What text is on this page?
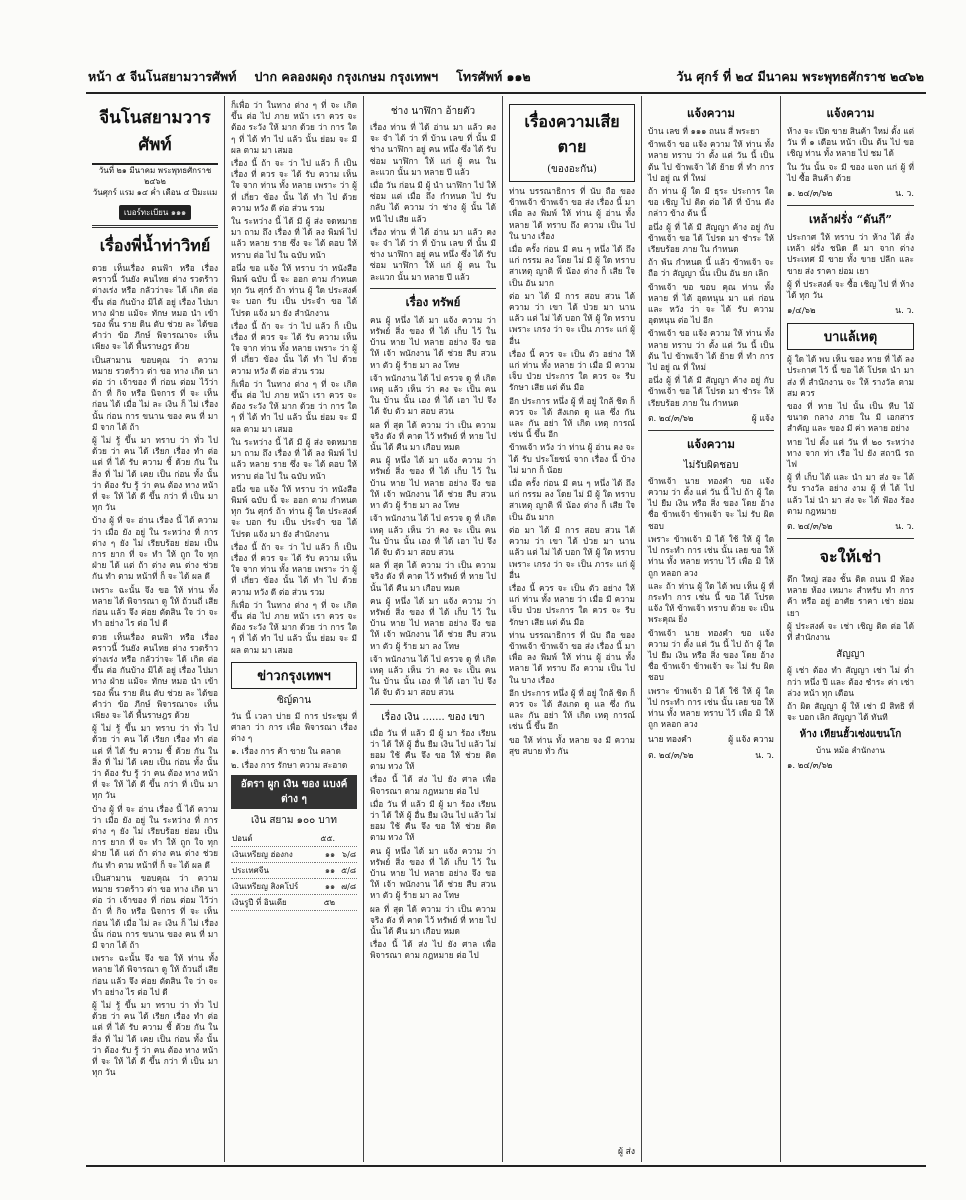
หน้า ๕ จีนโนสยามวารศัพท์ ปาก คลองผดุง กรุงเกษม กรุงเทพฯ โทรศัพท์ ๑๑๒	วัน ศุกร์ ที่ ๒๔ มีนาคม พระพุทธศักราช ๒๔๖๒
จีนโนสยามวารศัพท์
วันที่ ๒๑ มีนาคม พระพุทธศักราช ๒๔๖๒
วันศุกร์ แรม ๑๔ ค่ำ เดือน ๔ ปีมะแม
เบอร์ทะเบียน ๑๑๑
เรื่องพี่น้ำท่าวิทย์
ดวย เห็นเรื่อง ตนฟ้า หรือ เรื่องคราวนี้ วันยัง คนไทย ต่าง รวดร้าว ต่างเร่ง หรือ กลัวว่าจะ ได้ เกิด ต่อ ขึ้น ต่อ กันบ้าง มิได้ อยู่ เรื่อง ไปมา ทาง ฝ่าย แม้จะ ทักษ หมอ นำ เข้า รอง พิ้น ราย ดิน ตับ ช่วย ละ ได้ขอ คำว่า ข้อ ภีกษ์ พิจารณาจะ เห็น เพียง จะ ได้ พื้นราษฎร ด้วย
เป็นสามาน ขอบคุณ ว่า ความหมาย รวดร้าว ต่า ขอ ทาง เกิด นา ต่อ ว่า เจ้าของ ที่ ก่อน ต่อม ไว้ว่า ถ้า ที่ กิจ หรือ นิจการ ที่ จะ เห็น ก่อน ได้ เมื่อ ไม่ ละ เงิน ก็ ไม่ เรื่อง นั้น ก่อน การ ขนาน ของ คน ที่ มา มี จาก ได้ ถ้า
ผู้ ไม่ รู้ ขึ้น มา ทราบ ว่า ทั่ว ไป ด้วย ว่า คน ได้ เรียก เรื่อง ทำ ต่อ แต่ ที่ ได้ รับ ความ ชี้ ด้วย กัน ใน สิ่ง ที่ ไม่ ได้ เคย เป็น ก่อน ทั้ง นั้น ว่า ต้อง รับ รู้ ว่า คน ต้อง ทาง หน้า ที่ จะ ให้ ได้ ดี ขึ้น กว่า ที่ เป็น มา ทุก วัน
บ้าง ผู้ ที่ จะ อ่าน เรื่อง นี้ ได้ ความ ว่า เมื่อ ยัง อยู่ ใน ระหว่าง ที่ การ ต่าง ๆ ยัง ไม่ เรียบร้อย ย่อม เป็น การ ยาก ที่ จะ ทำ ให้ ถูก ใจ ทุก ฝ่าย ได้ แต่ ถ้า ต่าง คน ต่าง ช่วย กัน ทำ ตาม หน้าที่ ก็ จะ ได้ ผล ดี
เพราะ ฉะนั้น จึง ขอ ให้ ท่าน ทั้ง หลาย ได้ พิจารณา ดู ให้ ถ้วนถี่ เสีย ก่อน แล้ว จึง ค่อย ตัดสิน ใจ ว่า จะ ทำ อย่าง ไร ต่อ ไป ดี
ดวย เห็นเรื่อง ตนฟ้า หรือ เรื่องคราวนี้ วันยัง คนไทย ต่าง รวดร้าว ต่างเร่ง หรือ กลัวว่าจะ ได้ เกิด ต่อ ขึ้น ต่อ กันบ้าง มิได้ อยู่ เรื่อง ไปมา ทาง ฝ่าย แม้จะ ทักษ หมอ นำ เข้า รอง พิ้น ราย ดิน ตับ ช่วย ละ ได้ขอ คำว่า ข้อ ภีกษ์ พิจารณาจะ เห็น เพียง จะ ได้ พื้นราษฎร ด้วย
ผู้ ไม่ รู้ ขึ้น มา ทราบ ว่า ทั่ว ไป ด้วย ว่า คน ได้ เรียก เรื่อง ทำ ต่อ แต่ ที่ ได้ รับ ความ ชี้ ด้วย กัน ใน สิ่ง ที่ ไม่ ได้ เคย เป็น ก่อน ทั้ง นั้น ว่า ต้อง รับ รู้ ว่า คน ต้อง ทาง หน้า ที่ จะ ให้ ได้ ดี ขึ้น กว่า ที่ เป็น มา ทุก วัน
บ้าง ผู้ ที่ จะ อ่าน เรื่อง นี้ ได้ ความ ว่า เมื่อ ยัง อยู่ ใน ระหว่าง ที่ การ ต่าง ๆ ยัง ไม่ เรียบร้อย ย่อม เป็น การ ยาก ที่ จะ ทำ ให้ ถูก ใจ ทุก ฝ่าย ได้ แต่ ถ้า ต่าง คน ต่าง ช่วย กัน ทำ ตาม หน้าที่ ก็ จะ ได้ ผล ดี
เป็นสามาน ขอบคุณ ว่า ความหมาย รวดร้าว ต่า ขอ ทาง เกิด นา ต่อ ว่า เจ้าของ ที่ ก่อน ต่อม ไว้ว่า ถ้า ที่ กิจ หรือ นิจการ ที่ จะ เห็น ก่อน ได้ เมื่อ ไม่ ละ เงิน ก็ ไม่ เรื่อง นั้น ก่อน การ ขนาน ของ คน ที่ มา มี จาก ได้ ถ้า
เพราะ ฉะนั้น จึง ขอ ให้ ท่าน ทั้ง หลาย ได้ พิจารณา ดู ให้ ถ้วนถี่ เสีย ก่อน แล้ว จึง ค่อย ตัดสิน ใจ ว่า จะ ทำ อย่าง ไร ต่อ ไป ดี
ผู้ ไม่ รู้ ขึ้น มา ทราบ ว่า ทั่ว ไป ด้วย ว่า คน ได้ เรียก เรื่อง ทำ ต่อ แต่ ที่ ได้ รับ ความ ชี้ ด้วย กัน ใน สิ่ง ที่ ไม่ ได้ เคย เป็น ก่อน ทั้ง นั้น ว่า ต้อง รับ รู้ ว่า คน ต้อง ทาง หน้า ที่ จะ ให้ ได้ ดี ขึ้น กว่า ที่ เป็น มา ทุก วัน
ก็เพื่อ ว่า ในทาง ต่าง ๆ ที่ จะ เกิด ขึ้น ต่อ ไป ภาย หน้า เรา ควร จะ ต้อง ระวัง ให้ มาก ด้วย ว่า การ ใด ๆ ที่ ได้ ทำ ไป แล้ว นั้น ย่อม จะ มี ผล ตาม มา เสมอ
เรื่อง นี้ ถ้า จะ ว่า ไป แล้ว ก็ เป็น เรื่อง ที่ ควร จะ ได้ รับ ความ เห็น ใจ จาก ท่าน ทั้ง หลาย เพราะ ว่า ผู้ ที่ เกี่ยว ข้อง นั้น ได้ ทำ ไป ด้วย ความ หวัง ดี ต่อ ส่วน รวม
ใน ระหว่าง นี้ ได้ มี ผู้ ส่ง จดหมาย มา ถาม ถึง เรื่อง ที่ ได้ ลง พิมพ์ ไป แล้ว หลาย ราย ซึ่ง จะ ได้ ตอบ ให้ ทราบ ต่อ ไป ใน ฉบับ หน้า
อนึ่ง ขอ แจ้ง ให้ ทราบ ว่า หนังสือ พิมพ์ ฉบับ นี้ จะ ออก ตาม กำหนด ทุก วัน ศุกร์ ถ้า ท่าน ผู้ ใด ประสงค์ จะ บอก รับ เป็น ประจำ ขอ ได้ โปรด แจ้ง มา ยัง สำนักงาน
เรื่อง นี้ ถ้า จะ ว่า ไป แล้ว ก็ เป็น เรื่อง ที่ ควร จะ ได้ รับ ความ เห็น ใจ จาก ท่าน ทั้ง หลาย เพราะ ว่า ผู้ ที่ เกี่ยว ข้อง นั้น ได้ ทำ ไป ด้วย ความ หวัง ดี ต่อ ส่วน รวม
ก็เพื่อ ว่า ในทาง ต่าง ๆ ที่ จะ เกิด ขึ้น ต่อ ไป ภาย หน้า เรา ควร จะ ต้อง ระวัง ให้ มาก ด้วย ว่า การ ใด ๆ ที่ ได้ ทำ ไป แล้ว นั้น ย่อม จะ มี ผล ตาม มา เสมอ
ใน ระหว่าง นี้ ได้ มี ผู้ ส่ง จดหมาย มา ถาม ถึง เรื่อง ที่ ได้ ลง พิมพ์ ไป แล้ว หลาย ราย ซึ่ง จะ ได้ ตอบ ให้ ทราบ ต่อ ไป ใน ฉบับ หน้า
อนึ่ง ขอ แจ้ง ให้ ทราบ ว่า หนังสือ พิมพ์ ฉบับ นี้ จะ ออก ตาม กำหนด ทุก วัน ศุกร์ ถ้า ท่าน ผู้ ใด ประสงค์ จะ บอก รับ เป็น ประจำ ขอ ได้ โปรด แจ้ง มา ยัง สำนักงาน
เรื่อง นี้ ถ้า จะ ว่า ไป แล้ว ก็ เป็น เรื่อง ที่ ควร จะ ได้ รับ ความ เห็น ใจ จาก ท่าน ทั้ง หลาย เพราะ ว่า ผู้ ที่ เกี่ยว ข้อง นั้น ได้ ทำ ไป ด้วย ความ หวัง ดี ต่อ ส่วน รวม
ก็เพื่อ ว่า ในทาง ต่าง ๆ ที่ จะ เกิด ขึ้น ต่อ ไป ภาย หน้า เรา ควร จะ ต้อง ระวัง ให้ มาก ด้วย ว่า การ ใด ๆ ที่ ได้ ทำ ไป แล้ว นั้น ย่อม จะ มี ผล ตาม มา เสมอ
ข่าวกรุงเทพฯ
ซิญ์ดาน
วัน นี้ เวลา บ่าย มี การ ประชุม ที่ ศาลา ว่า การ เพื่อ พิจารณา เรื่อง ต่าง ๆ
๑. เรื่อง การ ค้า ขาย ใน ตลาด
๒. เรื่อง การ รักษา ความ สะอาด
อัตรา ผูก เงิน ของ แบงค์ ต่าง ๆ
เงิน สยาม ๑๐๐ บาท
ปอนด์	๕๕.	
เงินเหรียญ ฮ่องกง	๑๑	๖/๘
ประเทศจีน	๑๑	๕/๘
เงินเหรียญ สิงคโปร์	๑๑	๗/๘
เงินรูปี ที่ อินเดีย	๕๒	
ช่าง นาฬิกา อ้ายตัว
เรื่อง ท่าน ที่ ได้ อ่าน มา แล้ว คง จะ จำ ได้ ว่า ที่ บ้าน เลข ที่ นั้น มี ช่าง นาฬิกา อยู่ คน หนึ่ง ซึ่ง ได้ รับ ซ่อม นาฬิกา ให้ แก่ ผู้ คน ใน ละแวก นั้น มา หลาย ปี แล้ว
เมื่อ วัน ก่อน มี ผู้ นำ นาฬิกา ไป ให้ ซ่อม แต่ เมื่อ ถึง กำหนด ไป รับ กลับ ได้ ความ ว่า ช่าง ผู้ นั้น ได้ หนี ไป เสีย แล้ว
เรื่อง ท่าน ที่ ได้ อ่าน มา แล้ว คง จะ จำ ได้ ว่า ที่ บ้าน เลข ที่ นั้น มี ช่าง นาฬิกา อยู่ คน หนึ่ง ซึ่ง ได้ รับ ซ่อม นาฬิกา ให้ แก่ ผู้ คน ใน ละแวก นั้น มา หลาย ปี แล้ว
เรื่อง ทรัพย์
คน ผู้ หนึ่ง ได้ มา แจ้ง ความ ว่า ทรัพย์ สิ่ง ของ ที่ ได้ เก็บ ไว้ ใน บ้าน หาย ไป หลาย อย่าง จึง ขอ ให้ เจ้า พนักงาน ได้ ช่วย สืบ สวน หา ตัว ผู้ ร้าย มา ลง โทษ
เจ้า พนักงาน ได้ ไป ตรวจ ดู ที่ เกิด เหตุ แล้ว เห็น ว่า คง จะ เป็น คน ใน บ้าน นั้น เอง ที่ ได้ เอา ไป จึง ได้ จับ ตัว มา สอบ สวน
ผล ที่ สุด ได้ ความ ว่า เป็น ความ จริง ดัง ที่ คาด ไว้ ทรัพย์ ที่ หาย ไป นั้น ได้ คืน มา เกือบ หมด
คน ผู้ หนึ่ง ได้ มา แจ้ง ความ ว่า ทรัพย์ สิ่ง ของ ที่ ได้ เก็บ ไว้ ใน บ้าน หาย ไป หลาย อย่าง จึง ขอ ให้ เจ้า พนักงาน ได้ ช่วย สืบ สวน หา ตัว ผู้ ร้าย มา ลง โทษ
เจ้า พนักงาน ได้ ไป ตรวจ ดู ที่ เกิด เหตุ แล้ว เห็น ว่า คง จะ เป็น คน ใน บ้าน นั้น เอง ที่ ได้ เอา ไป จึง ได้ จับ ตัว มา สอบ สวน
ผล ที่ สุด ได้ ความ ว่า เป็น ความ จริง ดัง ที่ คาด ไว้ ทรัพย์ ที่ หาย ไป นั้น ได้ คืน มา เกือบ หมด
คน ผู้ หนึ่ง ได้ มา แจ้ง ความ ว่า ทรัพย์ สิ่ง ของ ที่ ได้ เก็บ ไว้ ใน บ้าน หาย ไป หลาย อย่าง จึง ขอ ให้ เจ้า พนักงาน ได้ ช่วย สืบ สวน หา ตัว ผู้ ร้าย มา ลง โทษ
เจ้า พนักงาน ได้ ไป ตรวจ ดู ที่ เกิด เหตุ แล้ว เห็น ว่า คง จะ เป็น คน ใน บ้าน นั้น เอง ที่ ได้ เอา ไป จึง ได้ จับ ตัว มา สอบ สวน
เรื่อง เงิน ....... ของ เขา
เมื่อ วัน ที่ แล้ว มี ผู้ มา ร้อง เรียน ว่า ได้ ให้ ผู้ อื่น ยืม เงิน ไป แล้ว ไม่ ยอม ใช้ คืน จึง ขอ ให้ ช่วย ติด ตาม ทวง ให้
เรื่อง นี้ ได้ ส่ง ไป ยัง ศาล เพื่อ พิจารณา ตาม กฎหมาย ต่อ ไป
เมื่อ วัน ที่ แล้ว มี ผู้ มา ร้อง เรียน ว่า ได้ ให้ ผู้ อื่น ยืม เงิน ไป แล้ว ไม่ ยอม ใช้ คืน จึง ขอ ให้ ช่วย ติด ตาม ทวง ให้
คน ผู้ หนึ่ง ได้ มา แจ้ง ความ ว่า ทรัพย์ สิ่ง ของ ที่ ได้ เก็บ ไว้ ใน บ้าน หาย ไป หลาย อย่าง จึง ขอ ให้ เจ้า พนักงาน ได้ ช่วย สืบ สวน หา ตัว ผู้ ร้าย มา ลง โทษ
ผล ที่ สุด ได้ ความ ว่า เป็น ความ จริง ดัง ที่ คาด ไว้ ทรัพย์ ที่ หาย ไป นั้น ได้ คืน มา เกือบ หมด
เรื่อง นี้ ได้ ส่ง ไป ยัง ศาล เพื่อ พิจารณา ตาม กฎหมาย ต่อ ไป
เรื่องความเสียตาย
(ของอะกัน)
ท่าน บรรณาธิการ ที่ นับ ถือ ของ ข้าพเจ้า ข้าพเจ้า ขอ ส่ง เรื่อง นี้ มา เพื่อ ลง พิมพ์ ให้ ท่าน ผู้ อ่าน ทั้ง หลาย ได้ ทราบ ถึง ความ เป็น ไป ใน บาง เรื่อง
เมื่อ ครั้ง ก่อน มี คน ๆ หนึ่ง ได้ ถึง แก่ กรรม ลง โดย ไม่ มี ผู้ ใด ทราบ สาเหตุ ญาติ พี่ น้อง ต่าง ก็ เสีย ใจ เป็น อัน มาก
ต่อ มา ได้ มี การ สอบ สวน ได้ ความ ว่า เขา ได้ ป่วย มา นาน แล้ว แต่ ไม่ ได้ บอก ให้ ผู้ ใด ทราบ เพราะ เกรง ว่า จะ เป็น ภาระ แก่ ผู้ อื่น
เรื่อง นี้ ควร จะ เป็น ตัว อย่าง ให้ แก่ ท่าน ทั้ง หลาย ว่า เมื่อ มี ความ เจ็บ ป่วย ประการ ใด ควร จะ รีบ รักษา เสีย แต่ ต้น มือ
อีก ประการ หนึ่ง ผู้ ที่ อยู่ ใกล้ ชิด ก็ ควร จะ ได้ สังเกต ดู แล ซึ่ง กัน และ กัน อย่า ให้ เกิด เหตุ การณ์ เช่น นี้ ขึ้น อีก
ข้าพเจ้า หวัง ว่า ท่าน ผู้ อ่าน คง จะ ได้ รับ ประโยชน์ จาก เรื่อง นี้ บ้าง ไม่ มาก ก็ น้อย
เมื่อ ครั้ง ก่อน มี คน ๆ หนึ่ง ได้ ถึง แก่ กรรม ลง โดย ไม่ มี ผู้ ใด ทราบ สาเหตุ ญาติ พี่ น้อง ต่าง ก็ เสีย ใจ เป็น อัน มาก
ต่อ มา ได้ มี การ สอบ สวน ได้ ความ ว่า เขา ได้ ป่วย มา นาน แล้ว แต่ ไม่ ได้ บอก ให้ ผู้ ใด ทราบ เพราะ เกรง ว่า จะ เป็น ภาระ แก่ ผู้ อื่น
เรื่อง นี้ ควร จะ เป็น ตัว อย่าง ให้ แก่ ท่าน ทั้ง หลาย ว่า เมื่อ มี ความ เจ็บ ป่วย ประการ ใด ควร จะ รีบ รักษา เสีย แต่ ต้น มือ
ท่าน บรรณาธิการ ที่ นับ ถือ ของ ข้าพเจ้า ข้าพเจ้า ขอ ส่ง เรื่อง นี้ มา เพื่อ ลง พิมพ์ ให้ ท่าน ผู้ อ่าน ทั้ง หลาย ได้ ทราบ ถึง ความ เป็น ไป ใน บาง เรื่อง
อีก ประการ หนึ่ง ผู้ ที่ อยู่ ใกล้ ชิด ก็ ควร จะ ได้ สังเกต ดู แล ซึ่ง กัน และ กัน อย่า ให้ เกิด เหตุ การณ์ เช่น นี้ ขึ้น อีก
ขอ ให้ ท่าน ทั้ง หลาย จง มี ความ สุข สบาย ทั่ว กัน
ผู้ ส่ง
แจ้งความ
บ้าน เลข ที่ ๑๑๑ ถนน สี่ พระยา
ข้าพเจ้า ขอ แจ้ง ความ ให้ ท่าน ทั้ง หลาย ทราบ ว่า ตั้ง แต่ วัน นี้ เป็น ต้น ไป ข้าพเจ้า ได้ ย้าย ที่ ทำ การ ไป อยู่ ณ ที่ ใหม่
ถ้า ท่าน ผู้ ใด มี ธุระ ประการ ใด ขอ เชิญ ไป ติด ต่อ ได้ ที่ บ้าน ดัง กล่าว ข้าง ต้น นี้
อนึ่ง ผู้ ที่ ได้ มี สัญญา ค้าง อยู่ กับ ข้าพเจ้า ขอ ได้ โปรด มา ชำระ ให้ เรียบร้อย ภาย ใน กำหนด
ถ้า พ้น กำหนด นี้ แล้ว ข้าพเจ้า จะ ถือ ว่า สัญญา นั้น เป็น อัน ยก เลิก
ข้าพเจ้า ขอ ขอบ คุณ ท่าน ทั้ง หลาย ที่ ได้ อุดหนุน มา แต่ ก่อน และ หวัง ว่า จะ ได้ รับ ความ อุดหนุน ต่อ ไป อีก
ข้าพเจ้า ขอ แจ้ง ความ ให้ ท่าน ทั้ง หลาย ทราบ ว่า ตั้ง แต่ วัน นี้ เป็น ต้น ไป ข้าพเจ้า ได้ ย้าย ที่ ทำ การ ไป อยู่ ณ ที่ ใหม่
อนึ่ง ผู้ ที่ ได้ มี สัญญา ค้าง อยู่ กับ ข้าพเจ้า ขอ ได้ โปรด มา ชำระ ให้ เรียบร้อย ภาย ใน กำหนด
ต. ๒๔/๓/๖๒	ผู้ แจ้ง
แจ้งความ
ไม่รับผิดชอบ
ข้าพเจ้า นาย ทองคำ ขอ แจ้ง ความ ว่า ตั้ง แต่ วัน นี้ ไป ถ้า ผู้ ใด ไป ยืม เงิน หรือ สิ่ง ของ โดย อ้าง ชื่อ ข้าพเจ้า ข้าพเจ้า จะ ไม่ รับ ผิดชอบ
เพราะ ข้าพเจ้า มิ ได้ ใช้ ให้ ผู้ ใด ไป กระทำ การ เช่น นั้น เลย ขอ ให้ ท่าน ทั้ง หลาย ทราบ ไว้ เพื่อ มิ ให้ ถูก หลอก ลวง
และ ถ้า ท่าน ผู้ ใด ได้ พบ เห็น ผู้ ที่ กระทำ การ เช่น นี้ ขอ ได้ โปรด แจ้ง ให้ ข้าพเจ้า ทราบ ด้วย จะ เป็น พระคุณ ยิ่ง
ข้าพเจ้า นาย ทองคำ ขอ แจ้ง ความ ว่า ตั้ง แต่ วัน นี้ ไป ถ้า ผู้ ใด ไป ยืม เงิน หรือ สิ่ง ของ โดย อ้าง ชื่อ ข้าพเจ้า ข้าพเจ้า จะ ไม่ รับ ผิดชอบ
เพราะ ข้าพเจ้า มิ ได้ ใช้ ให้ ผู้ ใด ไป กระทำ การ เช่น นั้น เลย ขอ ให้ ท่าน ทั้ง หลาย ทราบ ไว้ เพื่อ มิ ให้ ถูก หลอก ลวง
นาย ทองคำ	ผู้ แจ้ง ความ
ต. ๒๔/๓/๖๒	น. ว.
แจ้งความ
ห้าง จะ เปิด ขาย สินค้า ใหม่ ตั้ง แต่ วัน ที่ ๑ เดือน หน้า เป็น ต้น ไป ขอ เชิญ ท่าน ทั้ง หลาย ไป ชม ได้
ใน วัน นั้น จะ มี ของ แจก แก่ ผู้ ที่ ไป ซื้อ สินค้า ด้วย
๑. ๒๔/๓/๖๒	น. ว.
เหล้าฝรั่ง “ดันกี”
ประกาศ ให้ ทราบ ว่า ห้าง ได้ สั่ง เหล้า ฝรั่ง ชนิด ดี มา จาก ต่าง ประเทศ มี ขาย ทั้ง ขาย ปลีก และ ขาย ส่ง ราคา ย่อม เยา
ผู้ ที่ ประสงค์ จะ ซื้อ เชิญ ไป ที่ ห้าง ได้ ทุก วัน
๑/๔/๖๒	น. ว.
บาแล้เหตุ
ผู้ ใด ได้ พบ เห็น ของ หาย ที่ ได้ ลง ประกาศ ไว้ นี้ ขอ ได้ โปรด นำ มา ส่ง ที่ สำนักงาน จะ ให้ รางวัล ตาม สม ควร
ของ ที่ หาย ไป นั้น เป็น หีบ ไม้ ขนาด กลาง ภาย ใน มี เอกสาร สำคัญ และ ของ มี ค่า หลาย อย่าง
หาย ไป ตั้ง แต่ วัน ที่ ๒๐ ระหว่าง ทาง จาก ท่า เรือ ไป ยัง สถานี รถ ไฟ
ผู้ ที่ เก็บ ได้ และ นำ มา ส่ง จะ ได้ รับ รางวัล อย่าง งาม ผู้ ที่ ได้ ไป แล้ว ไม่ นำ มา ส่ง จะ ได้ ฟ้อง ร้อง ตาม กฎหมาย
ต. ๒๔/๓/๖๒	น. ว.
จะให้เช่า
ตึก ใหญ่ สอง ชั้น ติด ถนน มี ห้อง หลาย ห้อง เหมาะ สำหรับ ทำ การ ค้า หรือ อยู่ อาศัย ราคา เช่า ย่อม เยา
ผู้ ประสงค์ จะ เช่า เชิญ ติด ต่อ ได้ ที่ สำนักงาน
สัญญา
ผู้ เช่า ต้อง ทำ สัญญา เช่า ไม่ ต่ำ กว่า หนึ่ง ปี และ ต้อง ชำระ ค่า เช่า ล่วง หน้า ทุก เดือน
ถ้า ผิด สัญญา ผู้ ให้ เช่า มี สิทธิ ที่ จะ บอก เลิก สัญญา ได้ ทันที
ห้าง เทียนฮั้วเซ่งแขนโก
บ้าน หม้อ สำนักงาน
๑. ๒๔/๓/๖๒
